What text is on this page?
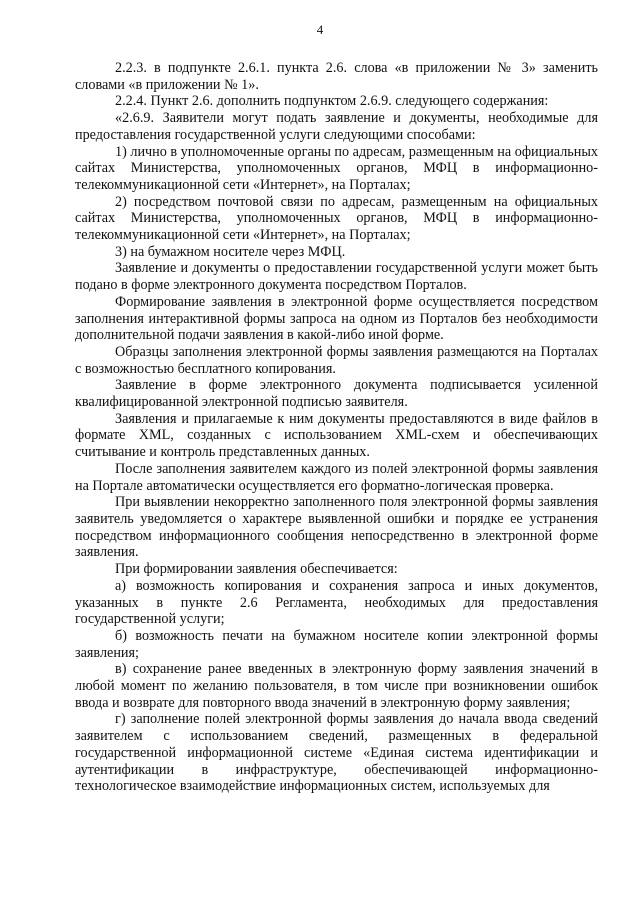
4

2.2.3. в подпункте 2.6.1. пункта 2.6. слова «в приложении № 3» заменить словами «в приложении № 1».

2.2.4. Пункт 2.6. дополнить подпунктом 2.6.9. следующего содержания:

«2.6.9. Заявители могут подать заявление и документы, необходимые для предоставления государственной услуги следующими способами:

1) лично в уполномоченные органы по адресам, размещенным на официальных сайтах Министерства, уполномоченных органов, МФЦ в информационно-телекоммуникационной сети «Интернет», на Порталах;

2) посредством почтовой связи по адресам, размещенным на официальных сайтах Министерства, уполномоченных органов, МФЦ в информационно-телекоммуникационной сети «Интернет», на Порталах;

3) на бумажном носителе через МФЦ.

Заявление и документы о предоставлении государственной услуги может быть подано в форме электронного документа посредством Порталов.

Формирование заявления в электронной форме осуществляется посредством заполнения интерактивной формы запроса на одном из Порталов без необходимости дополнительной подачи заявления в какой-либо иной форме.

Образцы заполнения электронной формы заявления размещаются на Порталах с возможностью бесплатного копирования.

Заявление в форме электронного документа подписывается усиленной квалифицированной электронной подписью заявителя.

Заявления и прилагаемые к ним документы предоставляются в виде файлов в формате XML, созданных с использованием XML-схем и обеспечивающих считывание и контроль представленных данных.

После заполнения заявителем каждого из полей электронной формы заявления на Портале автоматически осуществляется его форматно-логическая проверка.

При выявлении некорректно заполненного поля электронной формы заявления заявитель уведомляется о характере выявленной ошибки и порядке ее устранения посредством информационного сообщения непосредственно в электронной форме заявления.

При формировании заявления обеспечивается:

а) возможность копирования и сохранения запроса и иных документов, указанных в пункте 2.6 Регламента, необходимых для предоставления государственной услуги;

б) возможность печати на бумажном носителе копии электронной формы заявления;

в) сохранение ранее введенных в электронную форму заявления значений в любой момент по желанию пользователя, в том числе при возникновении ошибок ввода и возврате для повторного ввода значений в электронную форму заявления;

г) заполнение полей электронной формы заявления до начала ввода сведений заявителем с использованием сведений, размещенных в федеральной государственной информационной системе «Единая система идентификации и аутентификации в инфраструктуре, обеспечивающей информационно-технологическое взаимодействие информационных систем, используемых для
